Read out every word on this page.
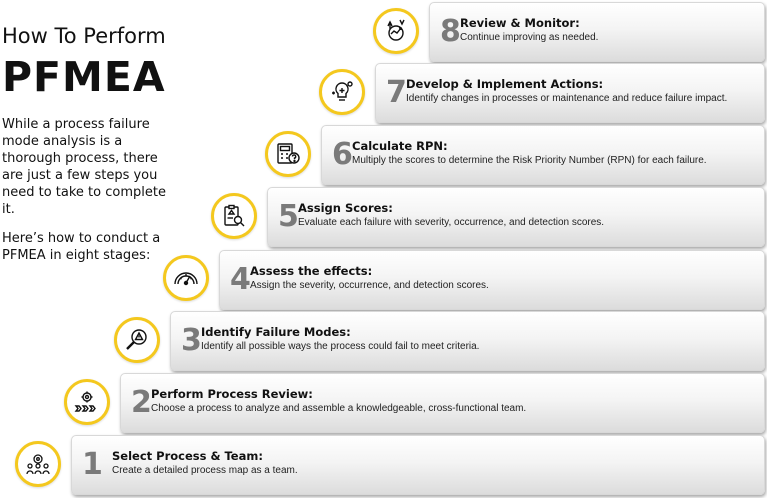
How To Perform
PFMEA
While a process failure mode analysis is a thorough process, there are just a few steps you need to take to complete it.
Here’s how to conduct a PFMEA in eight stages:
8 Review & Monitor:
Continue improving as needed.
7 Develop & Implement Actions:
Identify changes in processes or maintenance and reduce failure impact.
6 Calculate RPN:
Multiply the scores to determine the Risk Priority Number (RPN) for each failure.
5 Assign Scores:
Evaluate each failure with severity, occurrence, and detection scores.
4 Assess the effects:
Assign the severity, occurrence, and detection scores.
3 Identify Failure Modes:
Identify all possible ways the process could fail to meet criteria.
2 Perform Process Review:
Choose a process to analyze and assemble a knowledgeable, cross-functional team.
1 Select Process & Team:
Create a detailed process map as a team.
